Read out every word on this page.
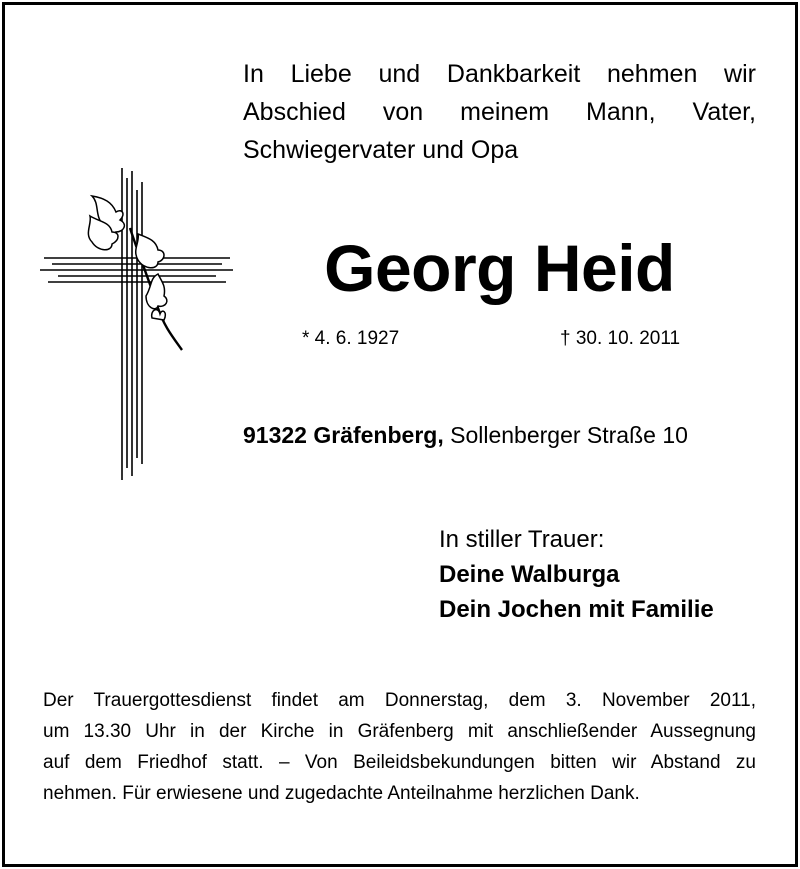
In Liebe und Dankbarkeit nehmen wir
Abschied von meinem Mann, Vater,
Schwiegervater und Opa
Georg Heid
* 4. 6. 1927	† 30. 10. 2011
91322 Gräfenberg, Sollenberger Straße 10
In stiller Trauer:
Deine Walburga
Dein Jochen mit Familie
Der Trauergottesdienst findet am Donnerstag, dem 3. November 2011,
um 13.30 Uhr in der Kirche in Gräfenberg mit anschließender Aussegnung
auf dem Friedhof statt. – Von Beileidsbekundungen bitten wir Abstand zu
nehmen. Für erwiesene und zugedachte Anteilnahme herzlichen Dank.
